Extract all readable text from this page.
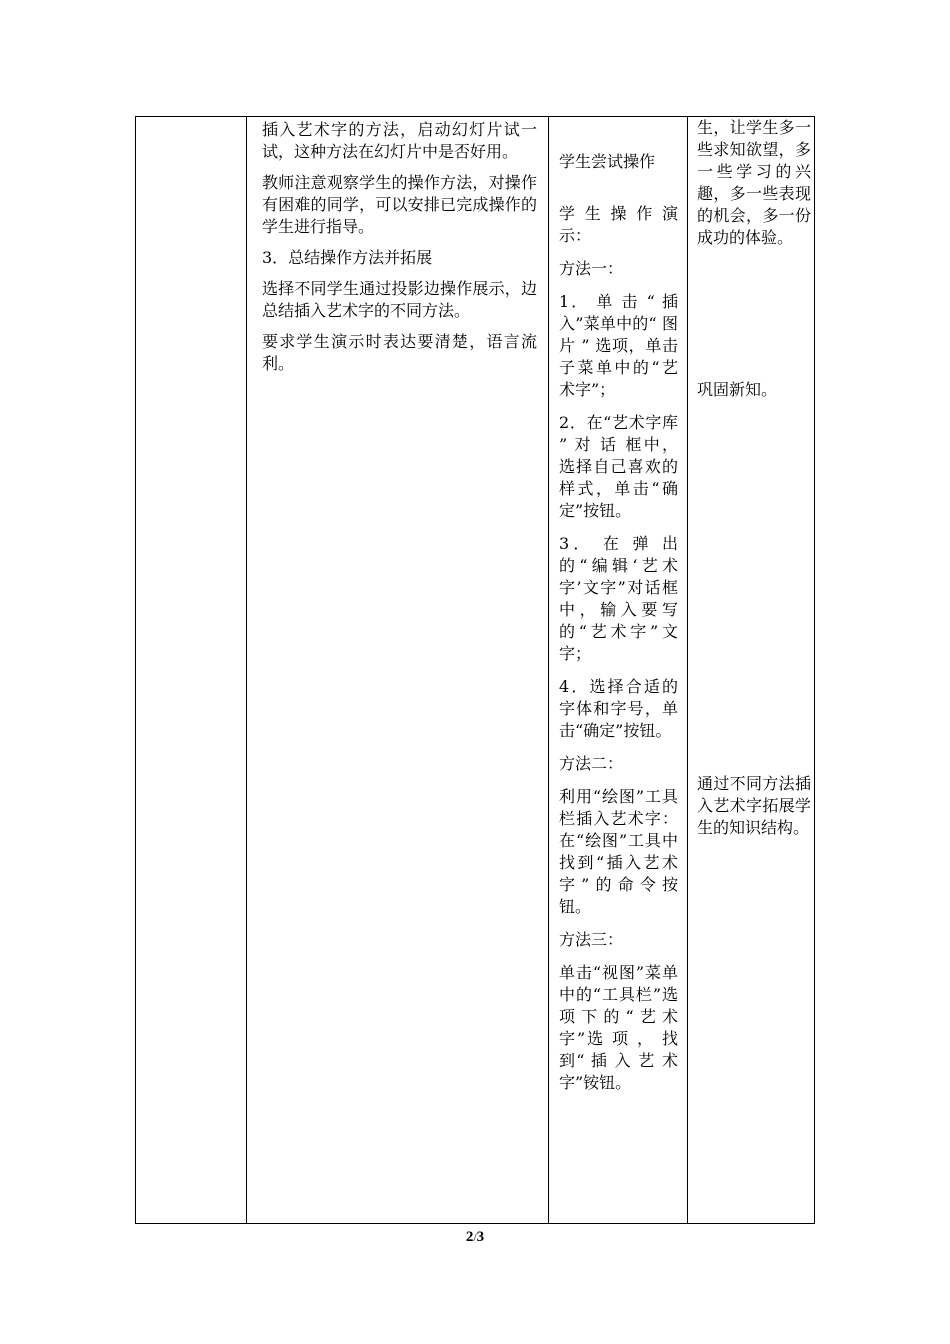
插入艺术字的方法，启动幻灯片试一试，这种方法在幻灯片中是否好用。

教师注意观察学生的操作方法，对操作有困难的同学，可以安排已完成操作的学生进行指导。

3．总结操作方法并拓展

选择不同学生通过投影边操作展示，边总结插入艺术字的不同方法。

要求学生演示时表达要清楚，语言流利。

学生尝试操作

学 生 操 作 演示：

方法一：

1． 单 击 “ 插入”菜单中的“ 图 片 ” 选项，单击子菜单中的“艺术字”；

2．在“艺术字库 ” 对 话 框中，选择自己喜欢的样式，单击“确定”按钮。

3． 在 弹 出 的“编辑‘艺术字’文字”对话框中，输入要写的“艺术字”文字；

4．选择合适的字体和字号，单击“确定”按钮。

方法二：

利用“绘图”工具栏插入艺术字：在“绘图”工具中找到“插入艺术字”的命令按钮。

方法三：

单击“视图”菜单中的“工具栏”选项下的“艺术字”选 项 ， 找 到“ 插 入 艺 术字”铵钮。

生，让学生多一些求知欲望，多一些学习的兴趣，多一些表现的机会，多一份成功的体验。

巩固新知。

通过不同方法插入艺术字拓展学生的知识结构。

2/3
